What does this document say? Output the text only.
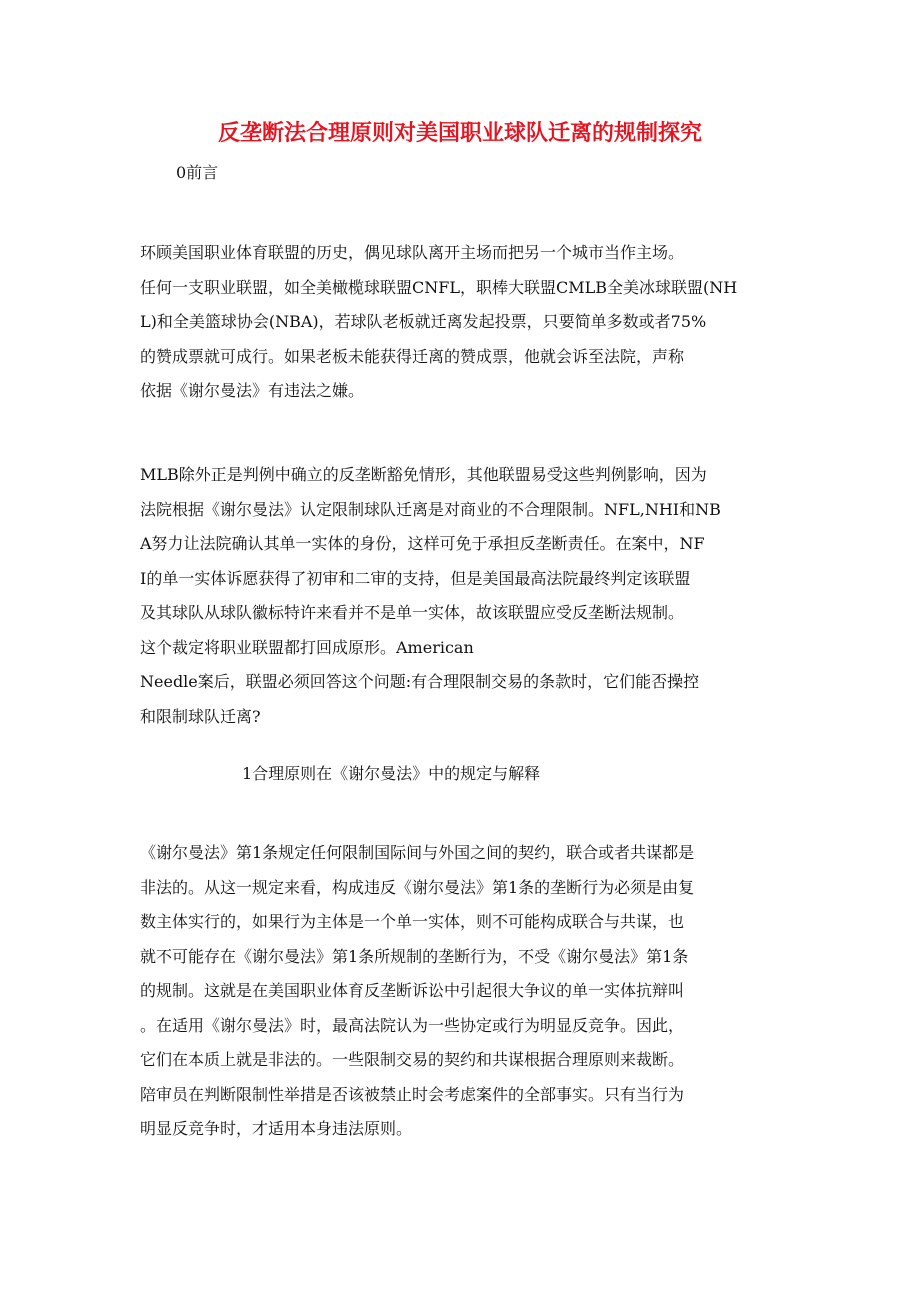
反垄断法合理原则对美国职业球队迁离的规制探究
0前言
环顾美国职业体育联盟的历史，偶见球队离开主场而把另一个城市当作主场。
任何一支职业联盟，如全美橄榄球联盟CNFL，职棒大联盟CMLB全美冰球联盟(NH
L)和全美篮球协会(NBA)，若球队老板就迁离发起投票，只要简单多数或者75%
的赞成票就可成行。如果老板未能获得迁离的赞成票，他就会诉至法院，声称
依据《谢尔曼法》有违法之嫌。
MLB除外正是判例中确立的反垄断豁免情形，其他联盟易受这些判例影响，因为
法院根据《谢尔曼法》认定限制球队迁离是对商业的不合理限制。NFL,NHI和NB
A努力让法院确认其单一实体的身份，这样可免于承担反垄断责任。在案中，NF
I的单一实体诉愿获得了初审和二审的支持，但是美国最高法院最终判定该联盟
及其球队从球队徽标特许来看并不是单一实体，故该联盟应受反垄断法规制。
这个裁定将职业联盟都打回成原形。American
Needle案后，联盟必须回答这个问题:有合理限制交易的条款时，它们能否操控
和限制球队迁离?
1合理原则在《谢尔曼法》中的规定与解释
《谢尔曼法》第1条规定任何限制国际间与外国之间的契约，联合或者共谋都是
非法的。从这一规定来看，构成违反《谢尔曼法》第1条的垄断行为必须是由复
数主体实行的，如果行为主体是一个单一实体，则不可能构成联合与共谋，也
就不可能存在《谢尔曼法》第1条所规制的垄断行为，不受《谢尔曼法》第1条
的规制。这就是在美国职业体育反垄断诉讼中引起很大争议的单一实体抗辩叫
。在适用《谢尔曼法》时，最高法院认为一些协定或行为明显反竞争。因此，
它们在本质上就是非法的。一些限制交易的契约和共谋根据合理原则来裁断。
陪审员在判断限制性举措是否该被禁止时会考虑案件的全部事实。只有当行为
明显反竞争时，才适用本身违法原则。
